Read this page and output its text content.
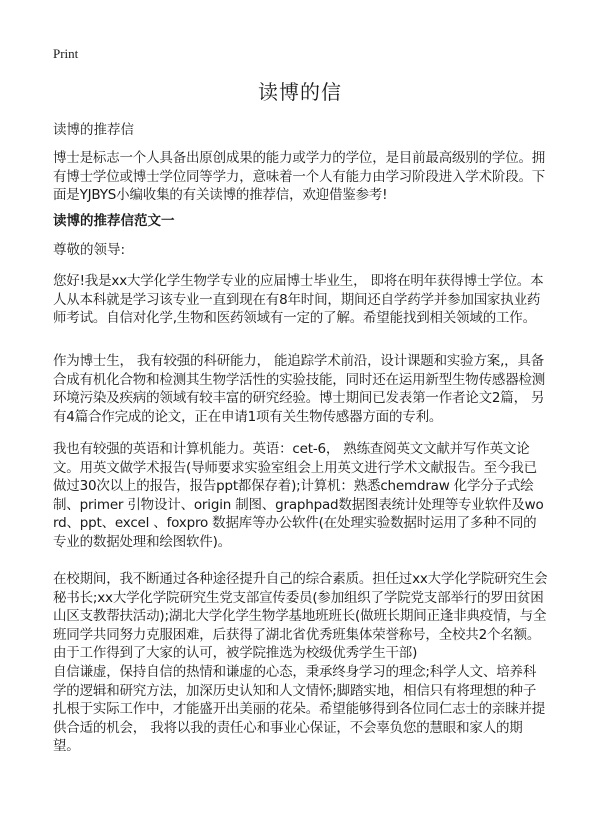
Print
读博的信

读博的推荐信

博士是标志一个人具备出原创成果的能力或学力的学位，是目前最高级别的学位。拥有博士学位或博士学位同等学力，意味着一个人有能力由学习阶段进入学术阶段。下面是YJBYS小编收集的有关读博的推荐信，欢迎借鉴参考!

读博的推荐信范文一

尊敬的领导:

您好!我是xx大学化学生物学专业的应届博士毕业生， 即将在明年获得博士学位。本人从本科就是学习该专业一直到现在有8年时间，期间还自学药学并参加国家执业药师考试。自信对化学,生物和医药领域有一定的了解。希望能找到相关领域的工作。

作为博士生， 我有较强的科研能力， 能追踪学术前沿，设计课题和实验方案,，具备合成有机化合物和检测其生物学活性的实验技能，同时还在运用新型生物传感器检测环境污染及疾病的领域有较丰富的研究经验。博士期间已发表第一作者论文2篇， 另有4篇合作完成的论文，正在申请1项有关生物传感器方面的专利。

我也有较强的英语和计算机能力。英语：cet-6， 熟练查阅英文文献并写作英文论文。用英文做学术报告(导师要求实验室组会上用英文进行学术文献报告。至今我已做过30次以上的报告，报告ppt都保存着);计算机：熟悉chemdraw 化学分子式绘制、primer 引物设计、origin 制图、graphpad数据图表统计处理等专业软件及word、ppt、excel 、foxpro 数据库等办公软件(在处理实验数据时运用了多种不同的专业的数据处理和绘图软件)。

在校期间，我不断通过各种途径提升自己的综合素质。担任过xx大学化学院研究生会秘书长;xx大学化学院研究生党支部宣传委员(参加组织了学院党支部举行的罗田贫困山区支教帮扶活动);湖北大学化学生物学基地班班长(做班长期间正逢非典疫情，与全班同学共同努力克服困难，后获得了湖北省优秀班集体荣誉称号，全校共2个名额。由于工作得到了大家的认可，被学院推选为校级优秀学生干部)

自信谦虚，保持自信的热情和谦虚的心态，秉承终身学习的理念;科学人文、培养科学的逻辑和研究方法，加深历史认知和人文情怀;脚踏实地，相信只有将理想的种子扎根于实际工作中，才能盛开出美丽的花朵。希望能够得到各位同仁志士的亲睐并提供合适的机会， 我将以我的责任心和事业心保证，不会辜负您的慧眼和家人的期望。
